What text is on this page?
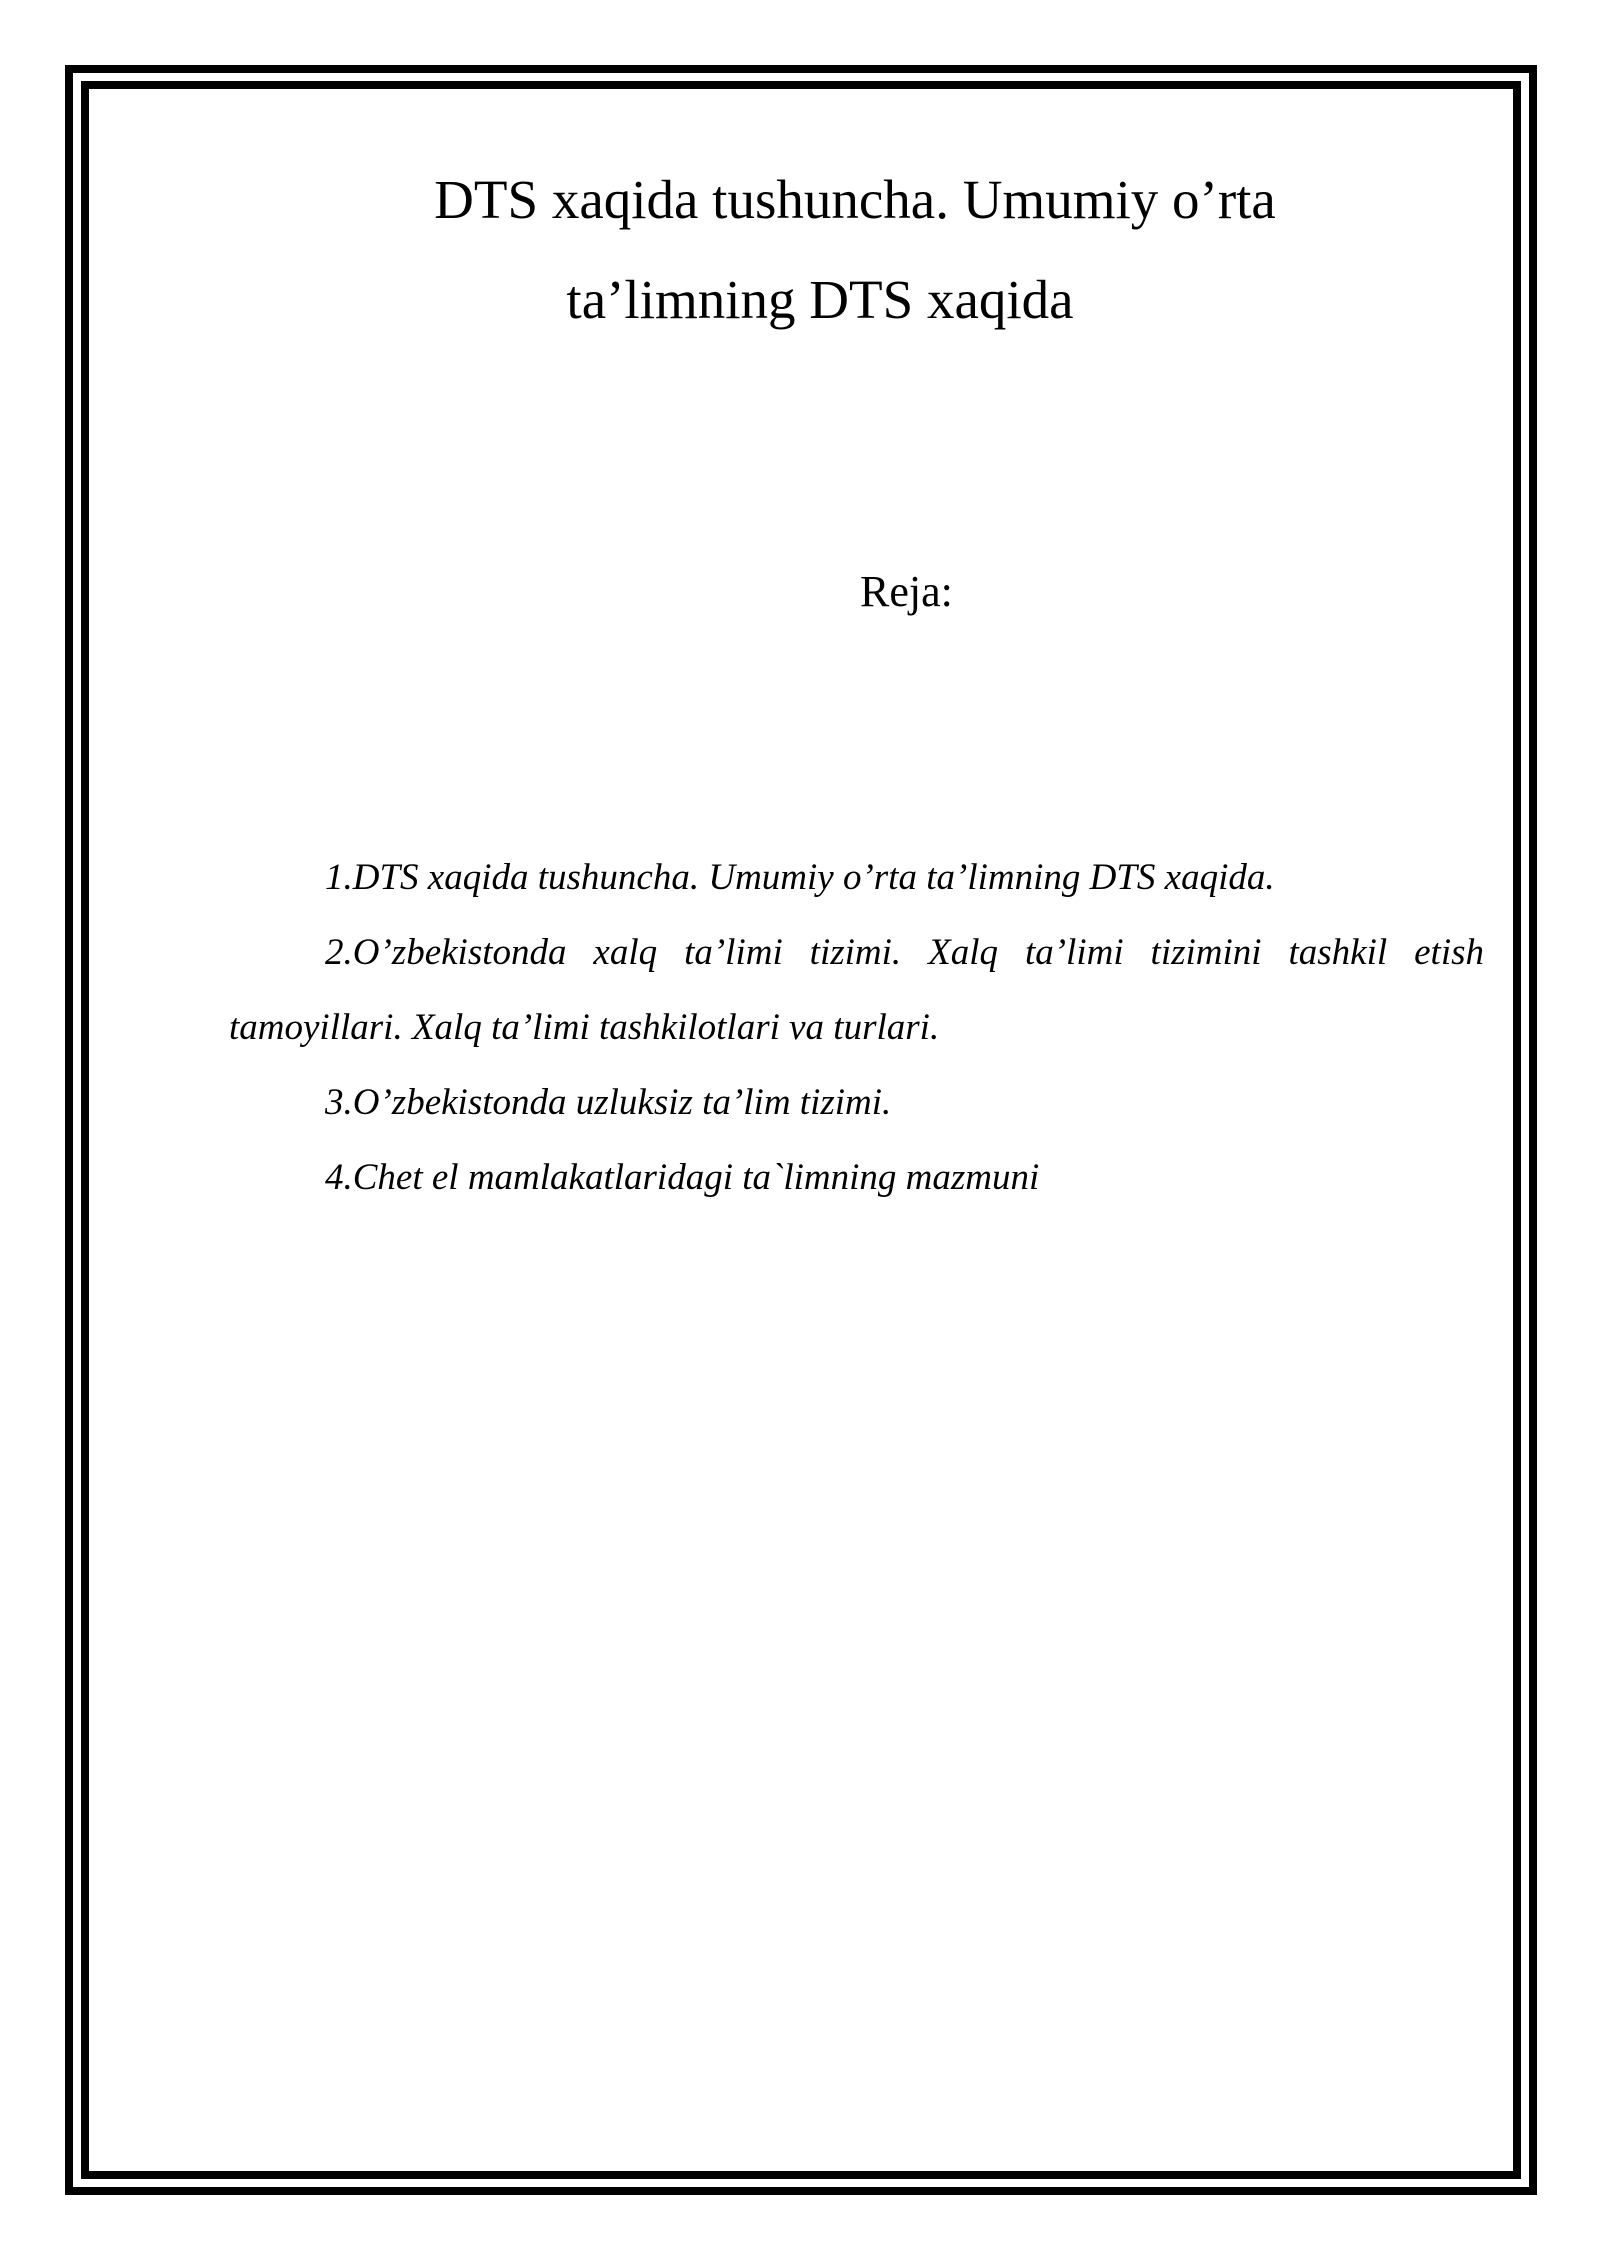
DTS xaqida tushuncha. Umumiy o’rta
ta’limning DTS xaqida

Reja:

1.DTS xaqida tushuncha. Umumiy o’rta ta’limning DTS xaqida.

2.O’zbekistonda xalq ta’limi tizimi. Xalq ta’limi tizimini tashkil etish tamoyillari. Xalq ta’limi tashkilotlari va turlari.

3.O’zbekistonda uzluksiz ta’lim tizimi.

4.Chet el mamlakatlaridagi ta`limning mazmuni
